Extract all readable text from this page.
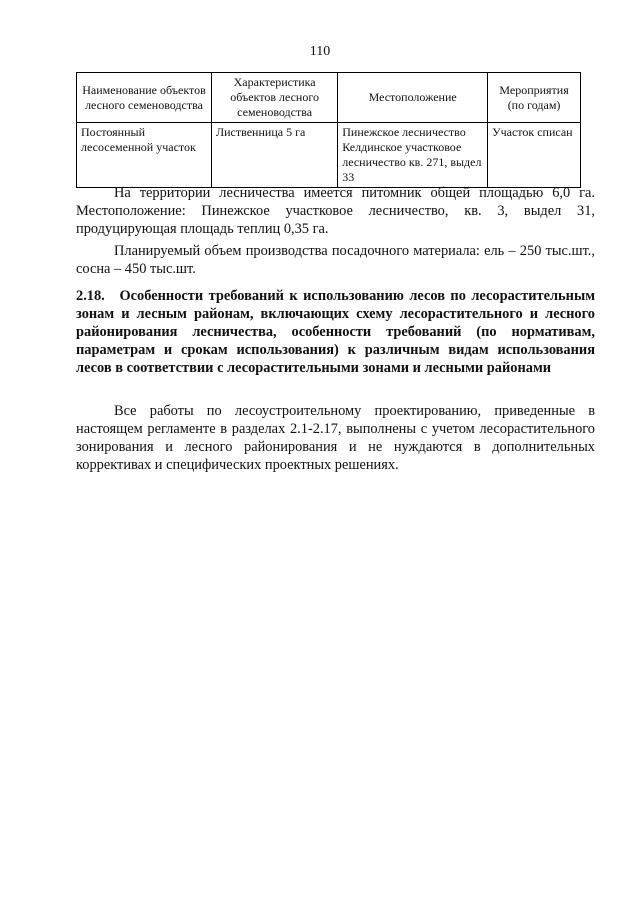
110
Наименование объектов лесного семеноводства	Характеристика объектов лесного семеноводства	Местоположение	Мероприятия (по годам)
Постоянный лесосеменной участок	Лиственница 5 га	Пинежское лесничество Келдинское участковое лесничество кв. 271, выдел 33	Участок списан

На территории лесничества имеется питомник общей площадью 6,0 га. Местоположение: Пинежское участковое лесничество, кв. 3, выдел 31, продуцирующая площадь теплиц 0,35 га.

Планируемый объем производства посадочного материала: ель – 250 тыс.шт., сосна – 450 тыс.шт.

2.18. Особенности требований к использованию лесов по лесорастительным зонам и лесным районам, включающих схему лесорастительного и лесного районирования лесничества, особенности требований (по нормативам, параметрам и срокам использования) к различным видам использования лесов в соответствии с лесорастительными зонами и лесными районами

Все работы по лесоустроительному проектированию, приведенные в настоящем регламенте в разделах 2.1-2.17, выполнены с учетом лесорастительного зонирования и лесного районирования и не нуждаются в дополнительных коррективах и специфических проектных решениях.
